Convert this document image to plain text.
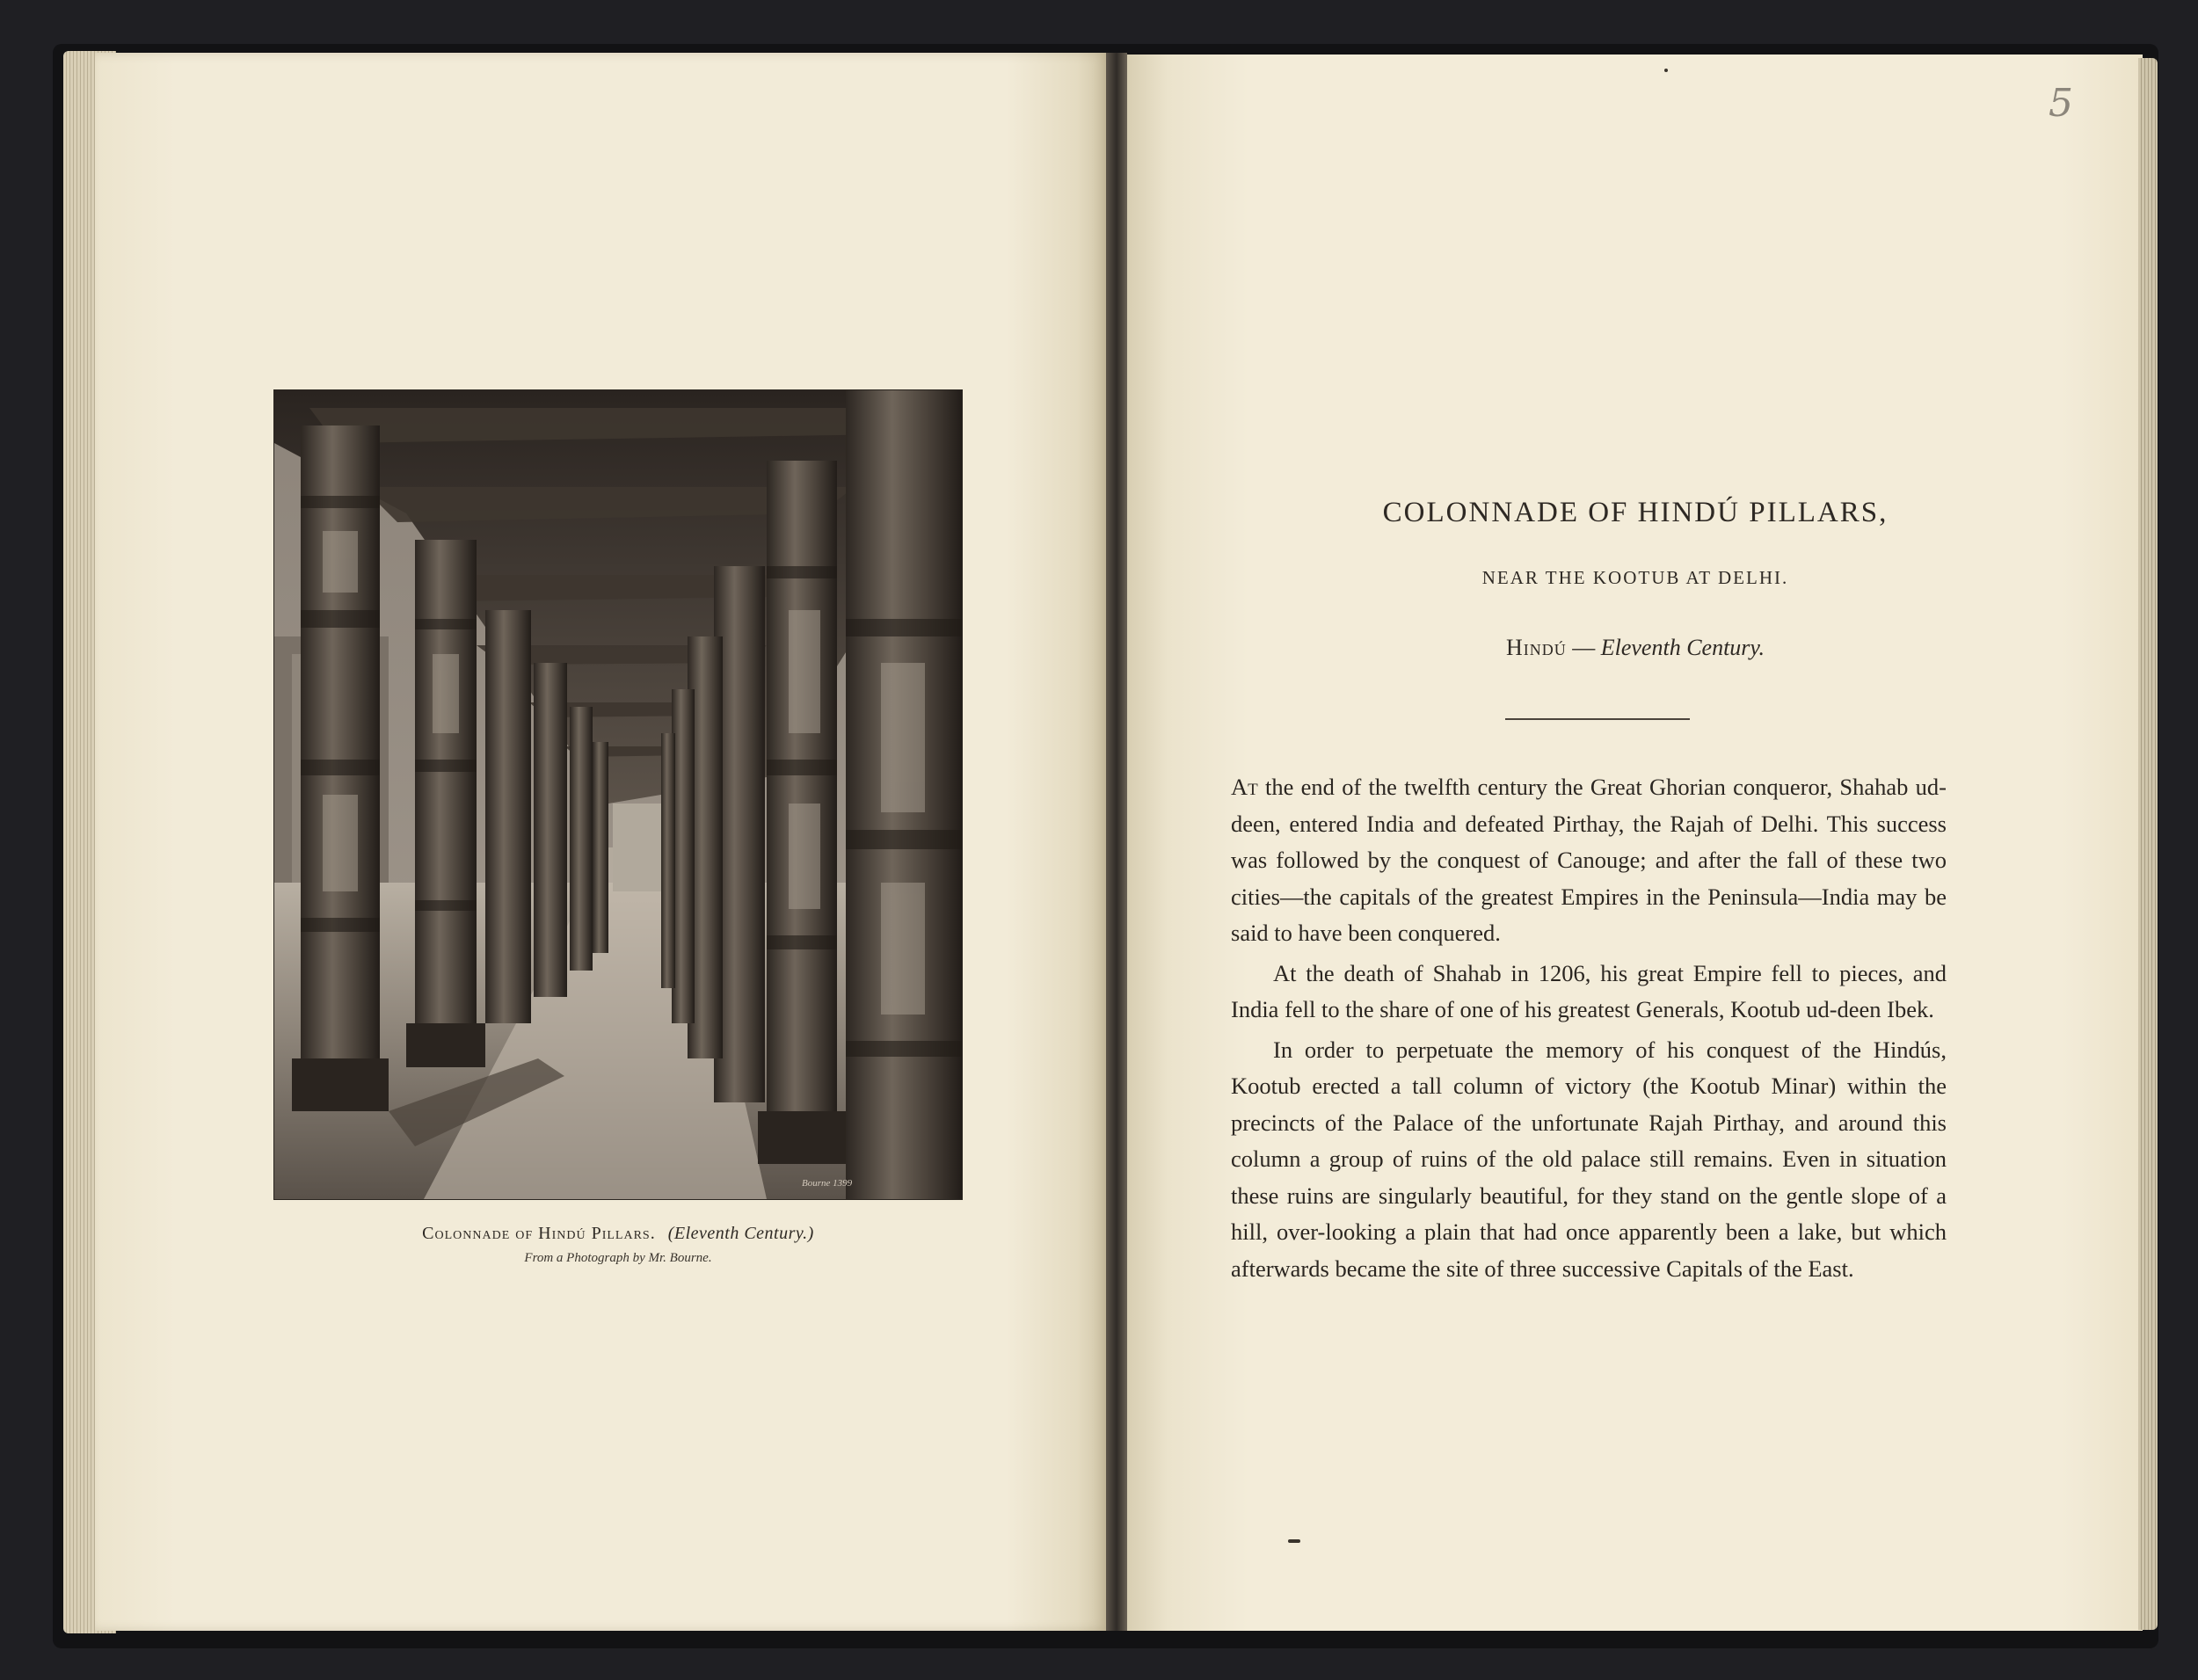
Bourne 1399
Colonnade of Hindú Pillars. (Eleventh Century.)
From a Photograph by Mr. Bourne.
5
COLONNADE OF HINDÚ PILLARS,
NEAR THE KOOTUB AT DELHI.
Hindú — Eleventh Century.

At the end of the twelfth century the Great Ghorian conqueror, Shahab ud-deen, entered India and defeated Pirthay, the Rajah of Delhi. This success was followed by the conquest of Canouge; and after the fall of these two cities—the capitals of the greatest Empires in the Peninsula—India may be said to have been conquered.

At the death of Shahab in 1206, his great Empire fell to pieces, and India fell to the share of one of his greatest Generals, Kootub ud-deen Ibek.

In order to perpetuate the memory of his conquest of the Hindús, Kootub erected a tall column of victory (the Kootub Minar) within the precincts of the Palace of the unfortunate Rajah Pirthay, and around this column a group of ruins of the old palace still remains. Even in situation these ruins are singularly beautiful, for they stand on the gentle slope of a hill, over-looking a plain that had once apparently been a lake, but which afterwards became the site of three successive Capitals of the East.
